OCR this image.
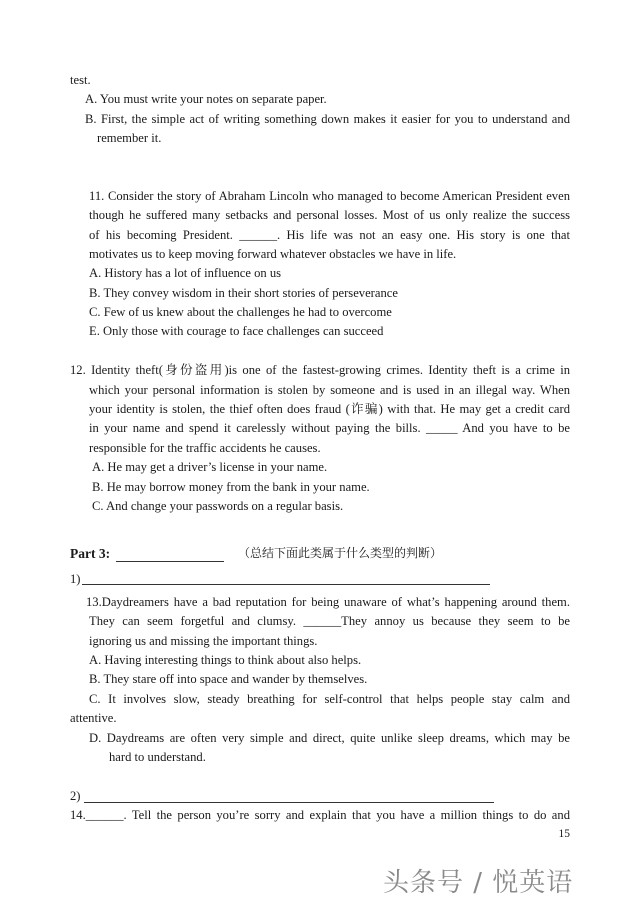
test.
A. You must write your notes on separate paper.
B. First, the simple act of writing something down makes it easier for you to understand and
remember it.
11. Consider the story of Abraham Lincoln who managed to become American President even
though he suffered many setbacks and personal losses. Most of us only realize the success
of his becoming President. ______. His life was not an easy one. His story is one that
motivates us to keep moving forward whatever obstacles we have in life.
A. History has a lot of influence on us
B. They convey wisdom in their short stories of perseverance
C. Few of us knew about the challenges he had to overcome
E. Only those with courage to face challenges can succeed
12. Identity theft(身份盗用)is one of the fastest-growing crimes. Identity theft is a crime in
which your personal information is stolen by someone and is used in an illegal way. When
your identity is stolen, the thief often does fraud (诈骗) with that. He may get a credit card
in your name and spend it carelessly without paying the bills. _____ And you have to be
responsible for the traffic accidents he causes.
A. He may get a driver’s license in your name.
B. He may borrow money from the bank in your name.
C. And change your passwords on a regular basis.
Part 3:	（总结下面此类属于什么类型的判断）
1)
13.Daydreamers have a bad reputation for being unaware of what’s happening around them.
They can seem forgetful and clumsy. ______They annoy us because they seem to be
ignoring us and missing the important things.
A. Having interesting things to think about also helps.
B. They stare off into space and wander by themselves.
C. It involves slow, steady breathing for self-control that helps people stay calm and
attentive.
D. Daydreams are often very simple and direct, quite unlike sleep dreams, which may be
hard to understand.
2)
14.______. Tell the person you’re sorry and explain that you have a million things to do and
15
头条号 / 悦英语
